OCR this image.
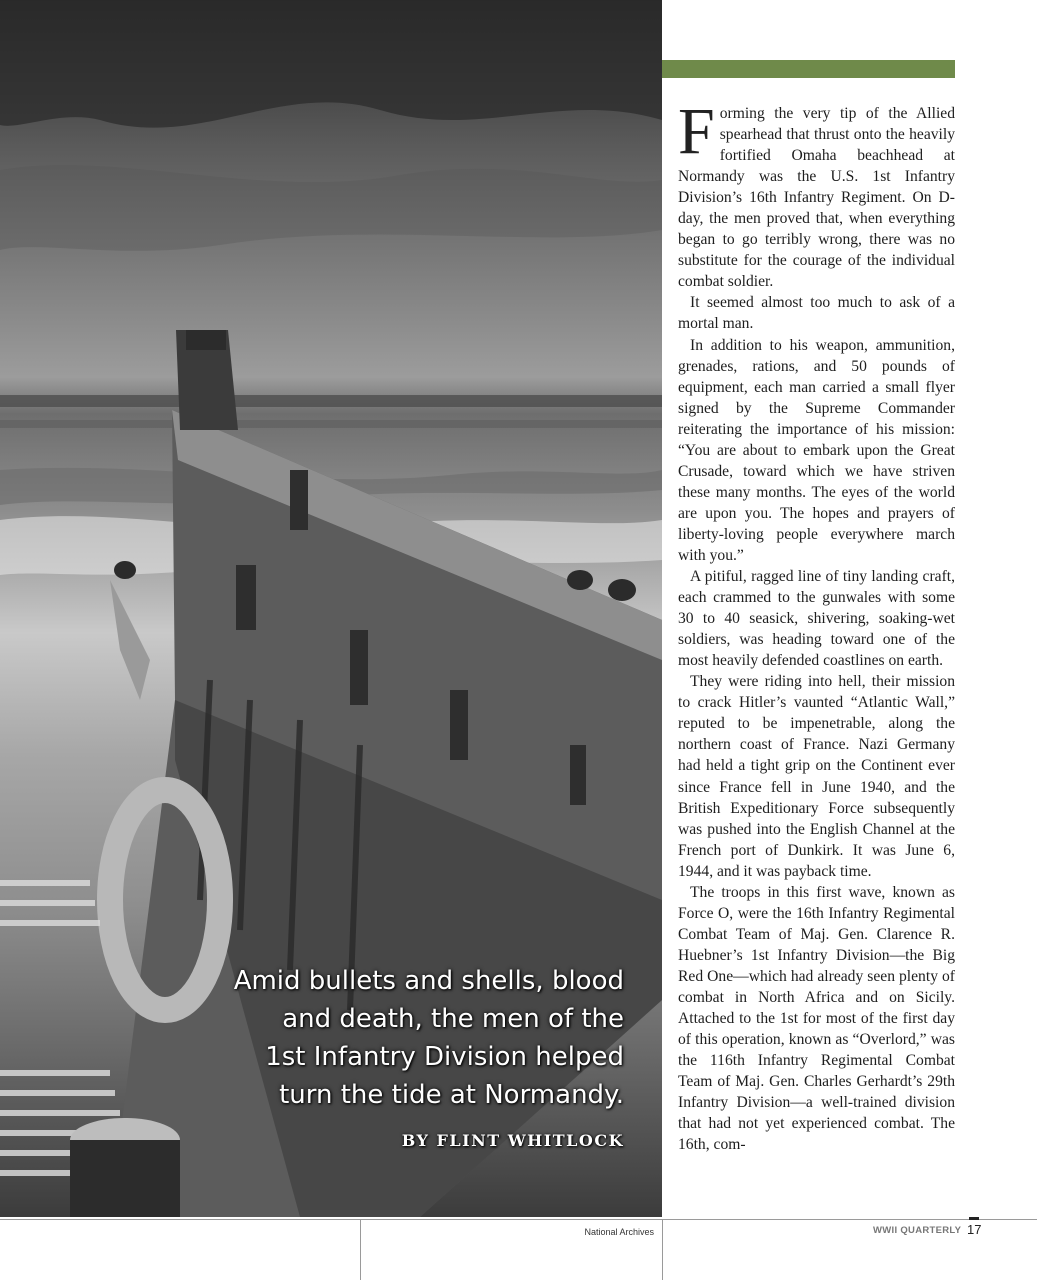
Amid bullets and shells, blood
and death, the men of the
1st Infantry Division helped
turn the tide at Normandy.
BY FLINT WHITLOCK

Forming the very tip of the Allied spearhead that thrust onto the heavily fortified Omaha beachhead at Normandy was the U.S. 1st Infantry Division’s 16th Infantry Regiment. On D-day, the men proved that, when everything began to go terribly wrong, there was no substitute for the courage of the individual combat soldier.

It seemed almost too much to ask of a mortal man.

In addition to his weapon, ammunition, grenades, rations, and 50 pounds of equipment, each man carried a small flyer signed by the Supreme Commander reiterating the importance of his mission: “You are about to embark upon the Great Crusade, toward which we have striven these many months. The eyes of the world are upon you. The hopes and prayers of liberty-loving people everywhere march with you.”

A pitiful, ragged line of tiny landing craft, each crammed to the gunwales with some 30 to 40 seasick, shivering, soaking-wet soldiers, was heading toward one of the most heavily defended coastlines on earth.

They were riding into hell, their mission to crack Hitler’s vaunted “Atlantic Wall,” reputed to be impenetrable, along the northern coast of France. Nazi Germany had held a tight grip on the Continent ever since France fell in June 1940, and the British Expeditionary Force subsequently was pushed into the English Channel at the French port of Dunkirk. It was June 6, 1944, and it was payback time.

The troops in this first wave, known as Force O, were the 16th Infantry Regimental Combat Team of Maj. Gen. Clarence R. Huebner’s 1st Infantry Division—the Big Red One—which had already seen plenty of combat in North Africa and on Sicily. Attached to the 1st for most of the first day of this operation, known as “Overlord,” was the 116th Infantry Regimental Combat Team of Maj. Gen. Charles Gerhardt’s 29th Infantry Division—a well-trained division that had not yet experienced combat. The 16th, com-

National Archives	WWII QUARTERLY 17
